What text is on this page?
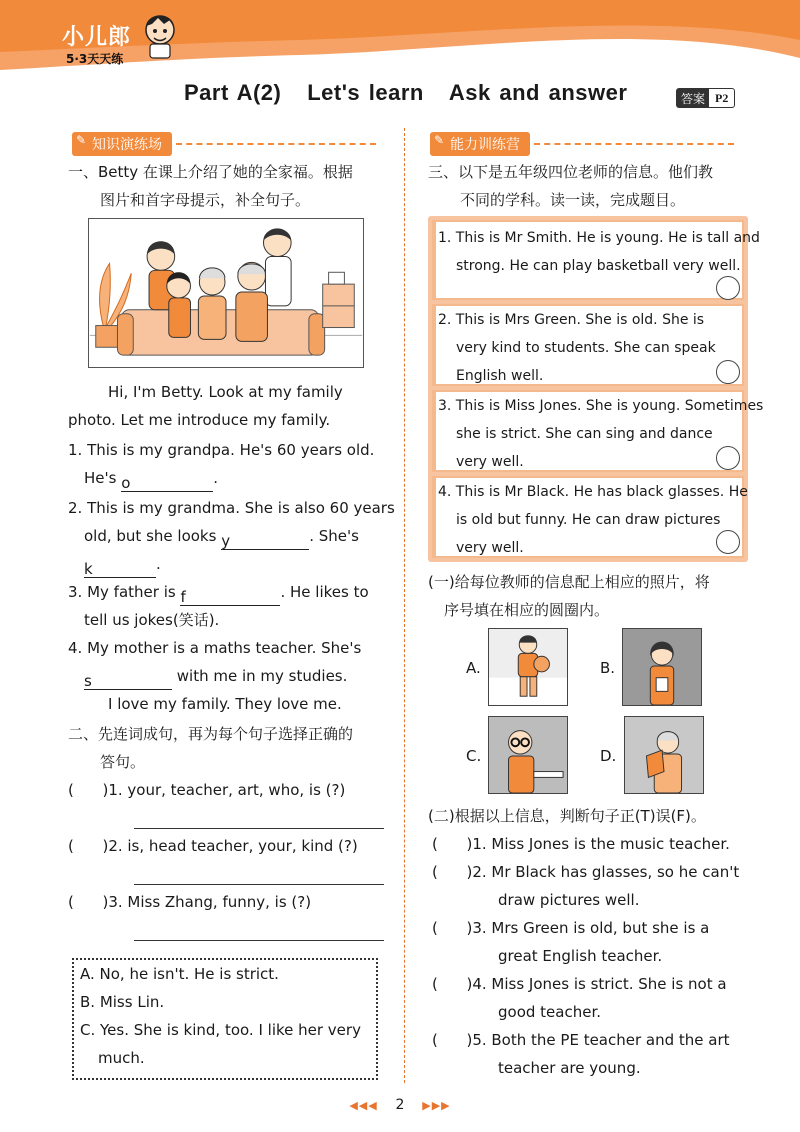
小儿郎
5·3天天练
Part A(2)   Let's learn   Ask and answer	答案 P2
✎ 知识演练场
一、Betty 在课上介绍了她的全家福。根据
图片和首字母提示，补全句子。
Hi, I'm Betty. Look at my family
photo. Let me introduce my family.
1. This is my grandpa. He's 60 years old.
He's o	.
2. This is my grandma. She is also 60 years
old, but she looks y	. She's
k	.
3. My father is f	. He likes to
tell us jokes(笑话).
4. My mother is a maths teacher. She's
s	with me in my studies.
I love my family. They love me.
二、先连词成句，再为每个句子选择正确的
答句。
(      )1. your, teacher, art, who, is (?)
(      )2. is, head teacher, your, kind (?)
(      )3. Miss Zhang, funny, is (?)
A. No, he isn't. He is strict.
B. Miss Lin.
C. Yes. She is kind, too. I like her very
much.
✎ 能力训练营
三、以下是五年级四位老师的信息。他们教
不同的学科。读一读，完成题目。
1. This is Mr Smith. He is young. He is tall and
strong. He can play basketball very well.
2. This is Mrs Green. She is old. She is
very kind to students. She can speak
English well.
3. This is Miss Jones. She is young. Sometimes
she is strict. She can sing and dance
very well.
4. This is Mr Black. He has black glasses. He
is old but funny. He can draw pictures
very well.
(一)给每位教师的信息配上相应的照片，将
序号填在相应的圆圈内。
A.	B.
C.	D.
(二)根据以上信息，判断句子正(T)误(F)。
(      )1. Miss Jones is the music teacher.
(      )2. Mr Black has glasses, so he can't
draw pictures well.
(      )3. Mrs Green is old, but she is a
great English teacher.
(      )4. Miss Jones is strict. She is not a
good teacher.
(      )5. Both the PE teacher and the art
teacher are young.
◀◀◀ 2 ▶▶▶
